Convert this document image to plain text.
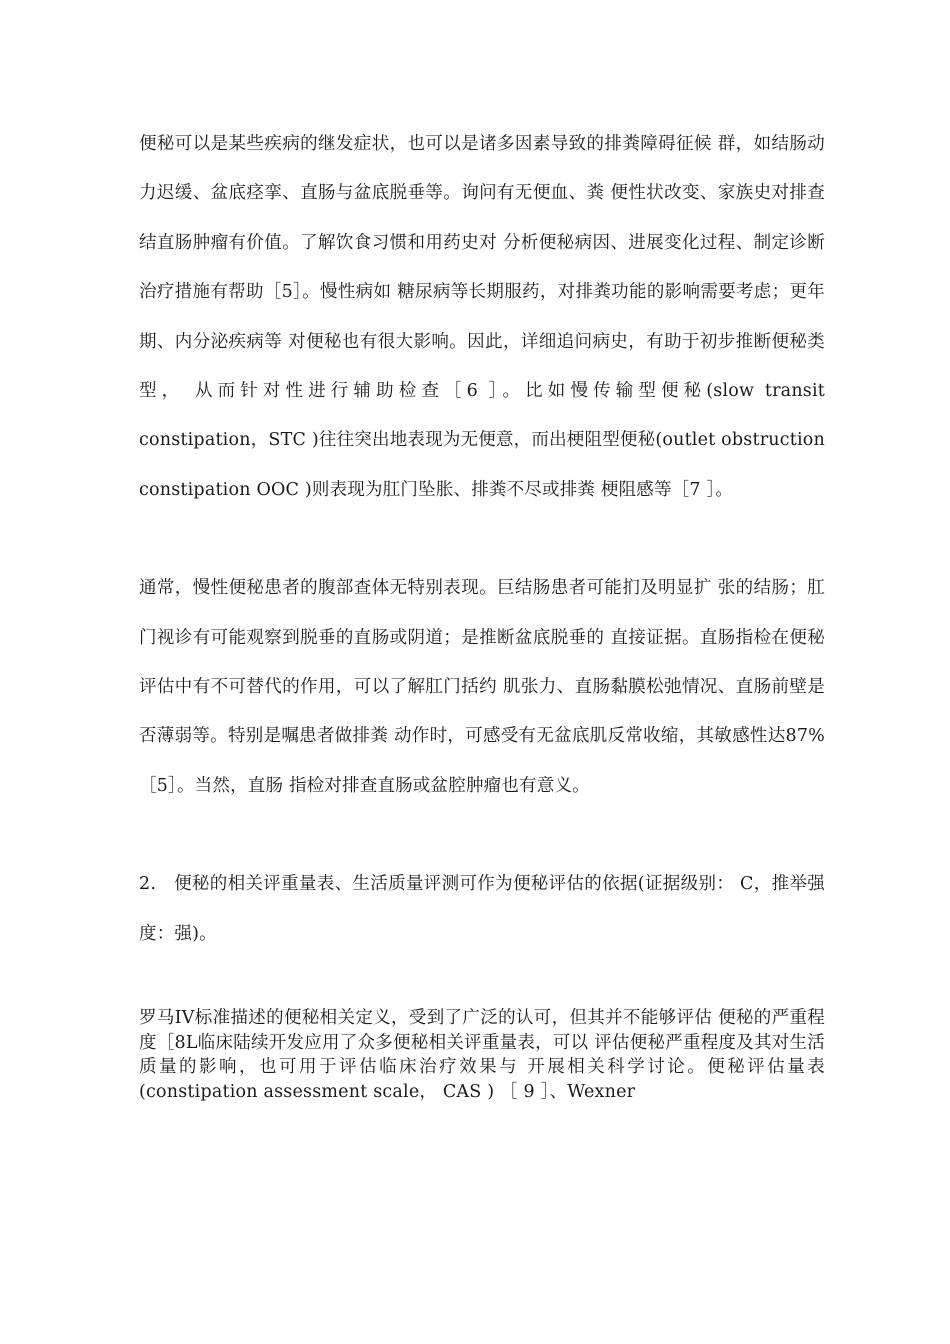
便秘可以是某些疾病的继发症状，也可以是诸多因素导致的排粪障碍征候 群，如结肠动力迟缓、盆底痉挛、直肠与盆底脱垂等。询问有无便血、粪 便性状改变、家族史对排查结直肠肿瘤有价值。了解饮食习惯和用药史对 分析便秘病因、进展变化过程、制定诊断治疗措施有帮助［5］。慢性病如 糖尿病等长期服药，对排粪功能的影响需要考虑；更年期、内分泌疾病等 对便秘也有很大影响。因此，详细追问病史，有助于初步推断便秘类型， 从而针对性进行辅助检查［6 ］。比如慢传输型便秘(slow transit constipation，STC )往往突出地表现为无便意，而出梗阻型便秘(outlet obstruction constipation OOC )则表现为肛门坠胀、排粪不尽或排粪 梗阻感等［7 ］。

通常，慢性便秘患者的腹部查体无特别表现。巨结肠患者可能扪及明显扩 张的结肠；肛门视诊有可能观察到脱垂的直肠或阴道；是推断盆底脱垂的 直接证据。直肠指检在便秘评估中有不可替代的作用，可以了解肛门括约 肌张力、直肠黏膜松弛情况、直肠前壁是否薄弱等。特别是嘱患者做排粪 动作时，可感受有无盆底肌反常收缩，其敏感性达87% ［5］。当然，直肠 指检对排查直肠或盆腔肿瘤也有意义。

2.　便秘的相关评重量表、生活质量评测可作为便秘评估的依据(证据级别： C，推举强度：强)。

罗马IV标准描述的便秘相关定义，受到了广泛的认可，但其并不能够评估 便秘的严重程度［8L临床陆续开发应用了众多便秘相关评重量表，可以 评估便秘严重程度及其对生活质量的影响，也可用于评估临床治疗效果与 开展相关科学讨论。便秘评估量表(constipation assessment scale， CAS ) ［ 9 ］、Wexner
